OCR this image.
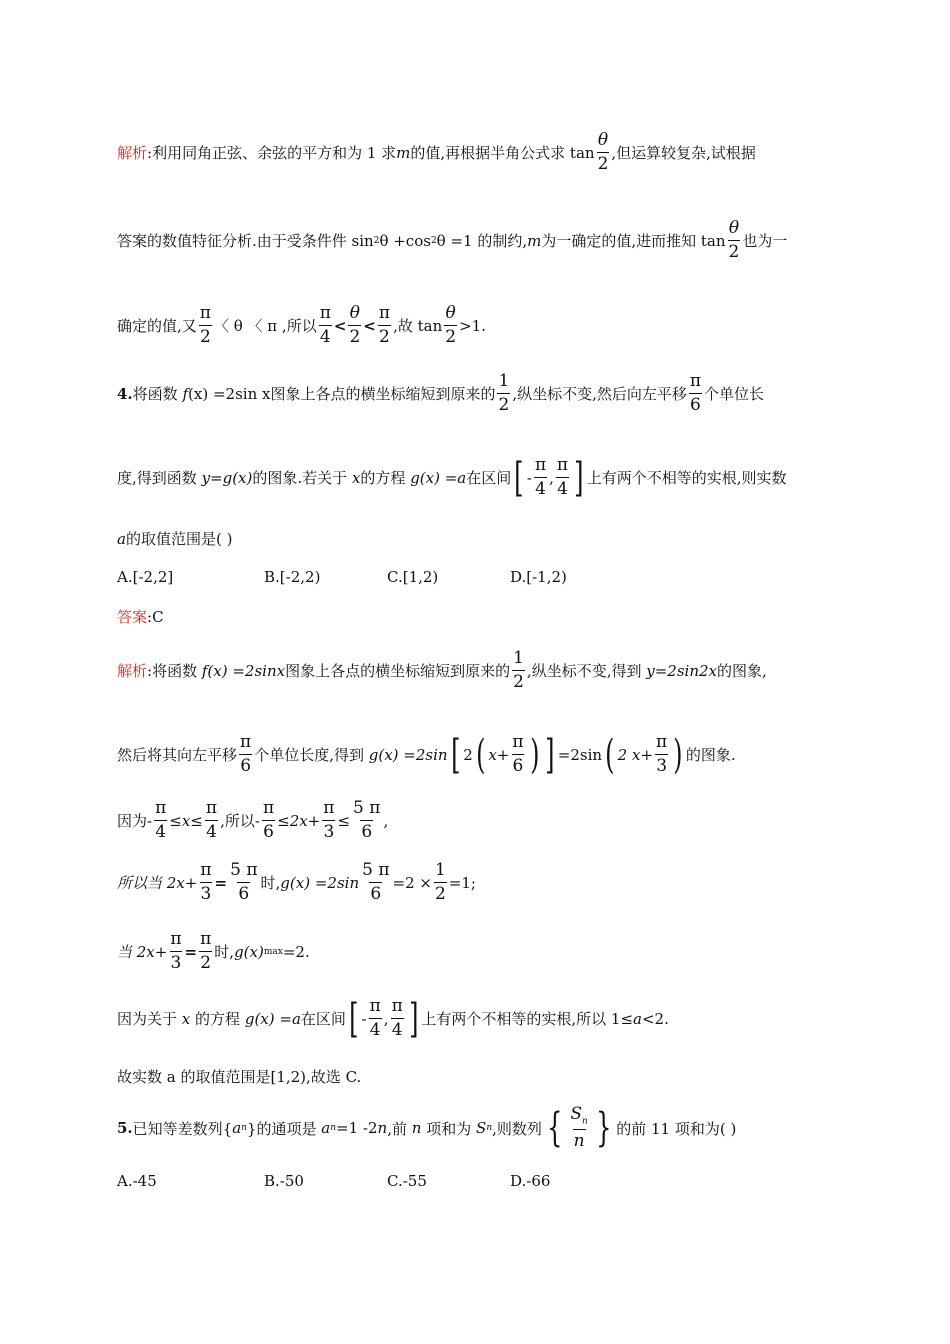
解析 :利用同角正弦、余弦的平方和为 1 求 m 的值,再根据半角公式求 $\tan \frac{\theta}{2}$ ,但运算较复杂,试根据
答案的数值特征分析.由于受条件件 sin 2 θ +cos 2 θ =1 的制约, m 为一确定的值,进而推知 $\tan \frac{\theta}{2}$ 也为一
确定的值,又 $\frac{\pi}{2}$ 〈 θ 〈 π ,所以 $\frac{\pi}{4} < \frac{\theta}{2} < \frac{\pi}{2}$ ,故 $\tan \frac{\theta}{2} >1$.
4. 将函数
f (x) =2sin x 图象上各点的横坐标缩短到原来的 $\frac{1}{2}$ ,纵坐标不变,然后向左平移 $\frac{\pi}{6}$ 个单位长
度,得到函数
y=g(x) 的图象.若关于
x 的方程
g(x) =a 在区间 [ - $\frac{\pi}{4}$ , $\frac{\pi}{4}$ ] 上有两个不相等的实根,则实数
a 的取值范围是( )
A.[-2,2]	B.[-2,2)	C.[1,2)	D.[-1,2)
答案 :C
解析 :将函数
f(x) =2sinx 图象上各点的横坐标缩短到原来的 $\frac{1}{2}$ ,纵坐标不变,得到
y=2sin2x 的图象,
然后将其向左平移 $\frac{\pi}{6}$ 个单位长度,得到
g(x) =2sin [ 2 ( $x+ \frac{\pi}{6}$ ) ] =2sin ( 2 $x+ \frac{\pi}{3}$ ) 的图象.
因为 - $\frac{\pi}{4} \le x\le \frac{\pi}{4}$ ,所以 - $\frac{\pi}{6} \le 2x+ \frac{\pi}{3} \le \frac{5 \pi}{6}$ ,
所以当 $2x+ \frac{\pi}{3} = \frac{5 \pi}{6}$ 时, $g(x) =2\sin \frac{5 \pi}{6} =2 \times \frac{1}{2} =1$;
当 $2x+ \frac{\pi}{3} = \frac{\pi}{2}$ 时, g(x) max =2.
因为关于
x
的方程
g(x) =a 在区间 [ - $\frac{\pi}{4}$ , $\frac{\pi}{4}$ ] 上有两个不相等的实根,所以 1≤ a <2.
故实数 a 的取值范围是[1,2),故选 C.
5. 已知等差数列{ a n }的通项是
a n =1 -2 n ,前
n
项和为
S n ,则数列 { $\frac{S_n}{n}$ } 的前 11 项和为( )
A.-45	B.-50	C.-55	D.-66
